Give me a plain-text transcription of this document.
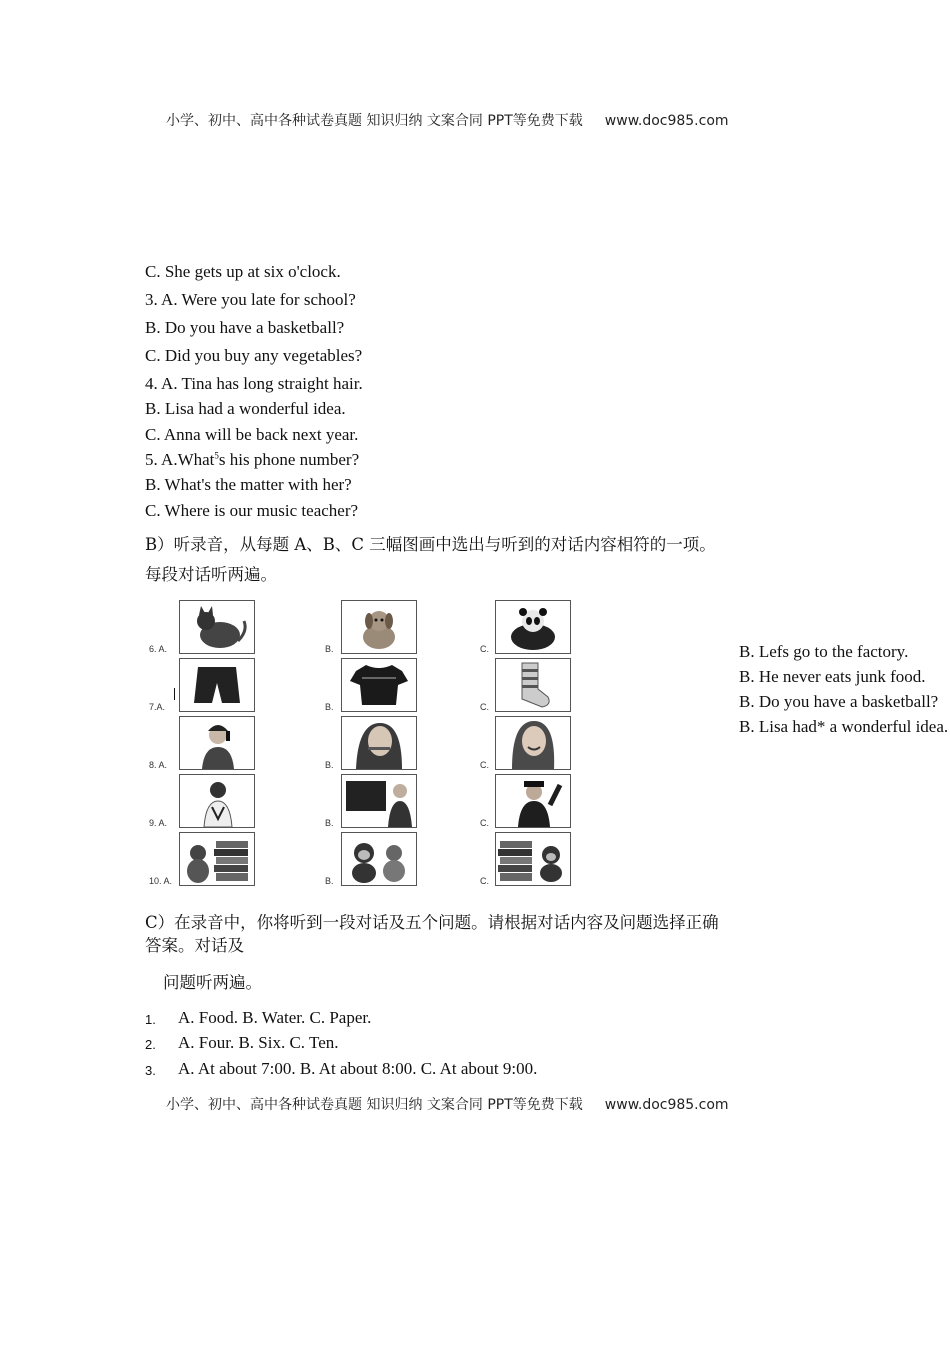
小学、初中、高中各种试卷真题 知识归纳 文案合同 PPT等免费下载 www.doc985.com
C. She gets up at six o'clock.
3. A. Were you late for school?
B. Do you have a basketball?
C. Did you buy any vegetables?
4. A. Tina has long straight hair.
B. Lisa had a wonderful idea.
C. Anna will be back next year.
5. A.What$^5$s his phone number?
B. What's the matter with her?
C. Where is our music teacher?
B）听录音，从每题 A、B、C 三幅图画中选出与听到的对话内容相符的一项。
每段对话听两遍。
6. A.	B.	C.
7.A.	B.	C.
8. A.	B.	C.
9. A.	B.	C.
10. A.	B.	C.
B. Lefs go to the factory.
B. He never eats junk food.
B. Do you have a basketball?
B. Lisa had* a wonderful idea.
C）在录音中，你将听到一段对话及五个问题。请根据对话内容及问题选择正确
答案。对话及
问题听两遍。
1. A. Food. B. Water. C. Paper.
2. A. Four. B. Six. C. Ten.
3. A. At about 7:00. B. At about 8:00. C. At about 9:00.
小学、初中、高中各种试卷真题 知识归纳 文案合同 PPT等免费下载 www.doc985.com
